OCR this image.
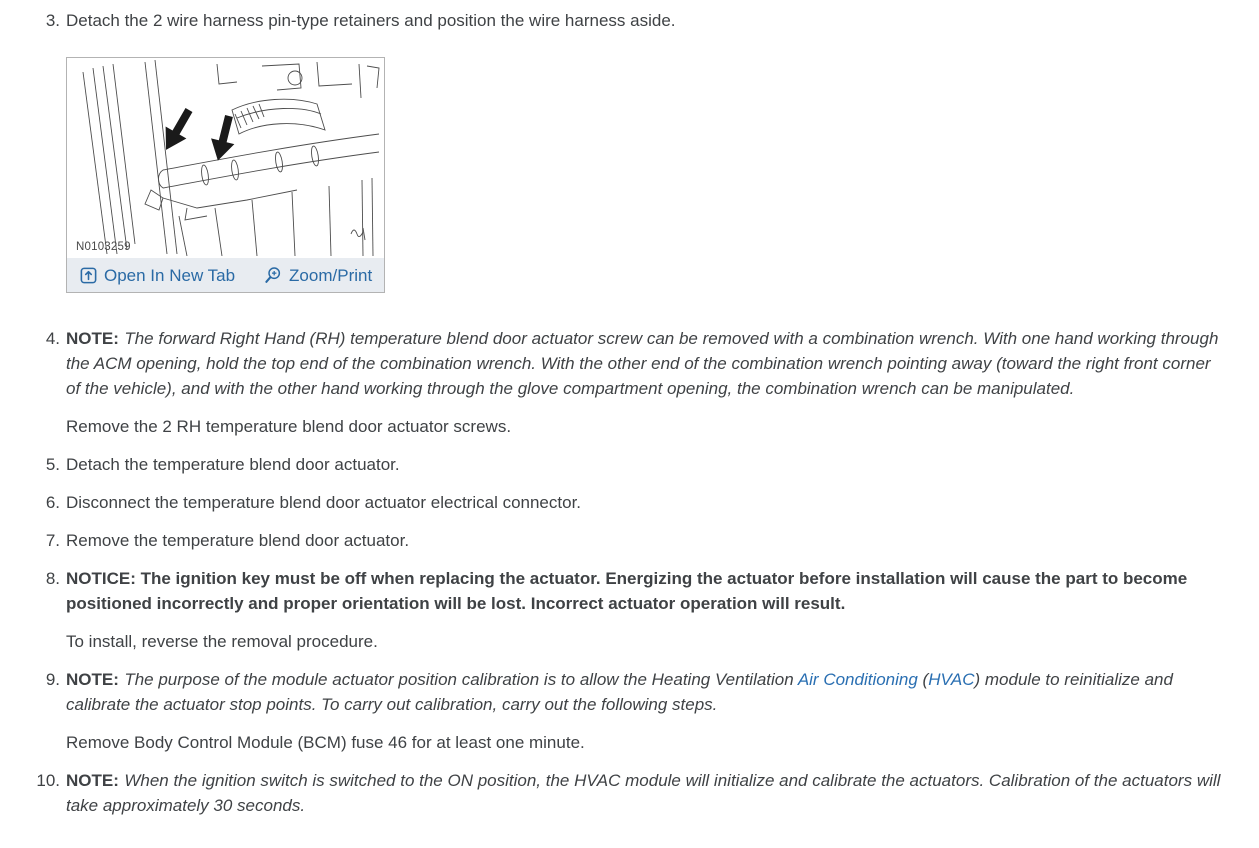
3. Detach the 2 wire harness pin-type retainers and position the wire harness aside.

N0103259
Open In New Tab	Zoom/Print
4. NOTE: The forward Right Hand (RH) temperature blend door actuator screw can be removed with a combination wrench. With one hand working through the ACM opening, hold the top end of the combination wrench. With the other end of the combination wrench pointing away (toward the right front corner of the vehicle), and with the other hand working through the glove compartment opening, the combination wrench can be manipulated.

Remove the 2 RH temperature blend door actuator screws.

5. Detach the temperature blend door actuator.

6. Disconnect the temperature blend door actuator electrical connector.

7. Remove the temperature blend door actuator.

8. NOTICE: The ignition key must be off when replacing the actuator. Energizing the actuator before installation will cause the part to become positioned incorrectly and proper orientation will be lost. Incorrect actuator operation will result.

To install, reverse the removal procedure.

9. NOTE: The purpose of the module actuator position calibration is to allow the Heating Ventilation Air Conditioning (HVAC) module to reinitialize and calibrate the actuator stop points. To carry out calibration, carry out the following steps.

Remove Body Control Module (BCM) fuse 46 for at least one minute.

10. NOTE: When the ignition switch is switched to the ON position, the HVAC module will initialize and calibrate the actuators. Calibration of the actuators will take approximately 30 seconds.
